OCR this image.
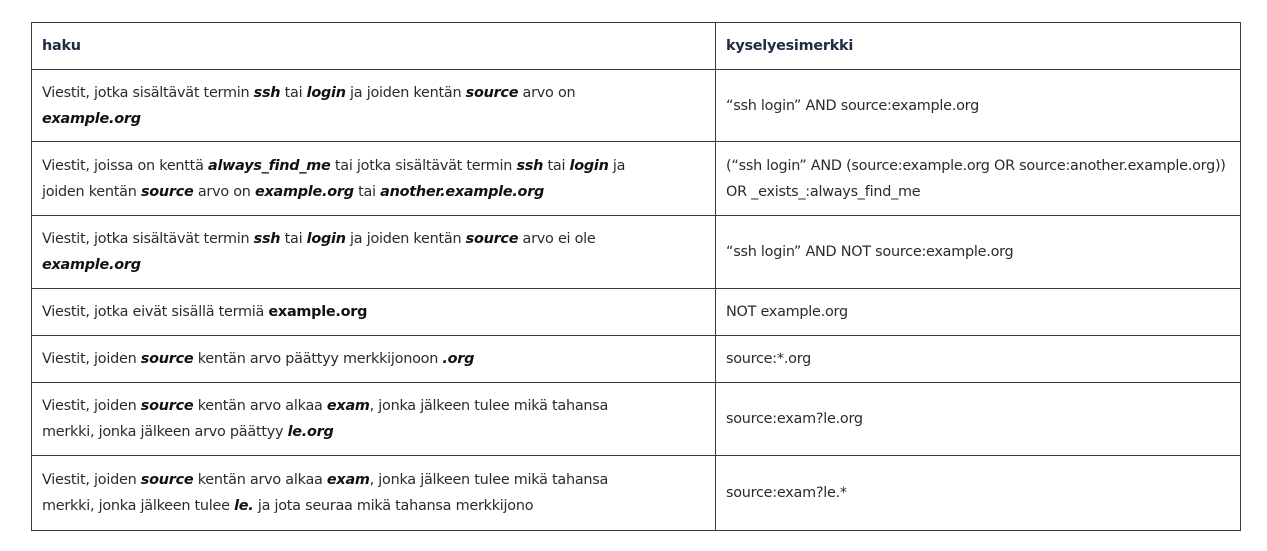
haku	kyselyesimerkki
Viestit, jotka sisältävät termin ssh tai login ja joiden kentän source arvo on
example.org	“ssh login” AND source:example.org
Viestit, joissa on kenttä always_find_me tai jotka sisältävät termin ssh tai login ja
joiden kentän source arvo on example.org tai another.example.org	(“ssh login” AND (source:example.org OR source:another.example.org)) OR _exists_:always_find_me
Viestit, jotka sisältävät termin ssh tai login ja joiden kentän source arvo ei ole
example.org	“ssh login” AND NOT source:example.org
Viestit, jotka eivät sisällä termiä example.org	NOT example.org
Viestit, joiden source kentän arvo päättyy merkkijonoon .org	source:*.org
Viestit, joiden source kentän arvo alkaa exam, jonka jälkeen tulee mikä tahansa
merkki, jonka jälkeen arvo päättyy le.org	source:exam?le.org
Viestit, joiden source kentän arvo alkaa exam, jonka jälkeen tulee mikä tahansa
merkki, jonka jälkeen tulee le. ja jota seuraa mikä tahansa merkkijono	source:exam?le.*
